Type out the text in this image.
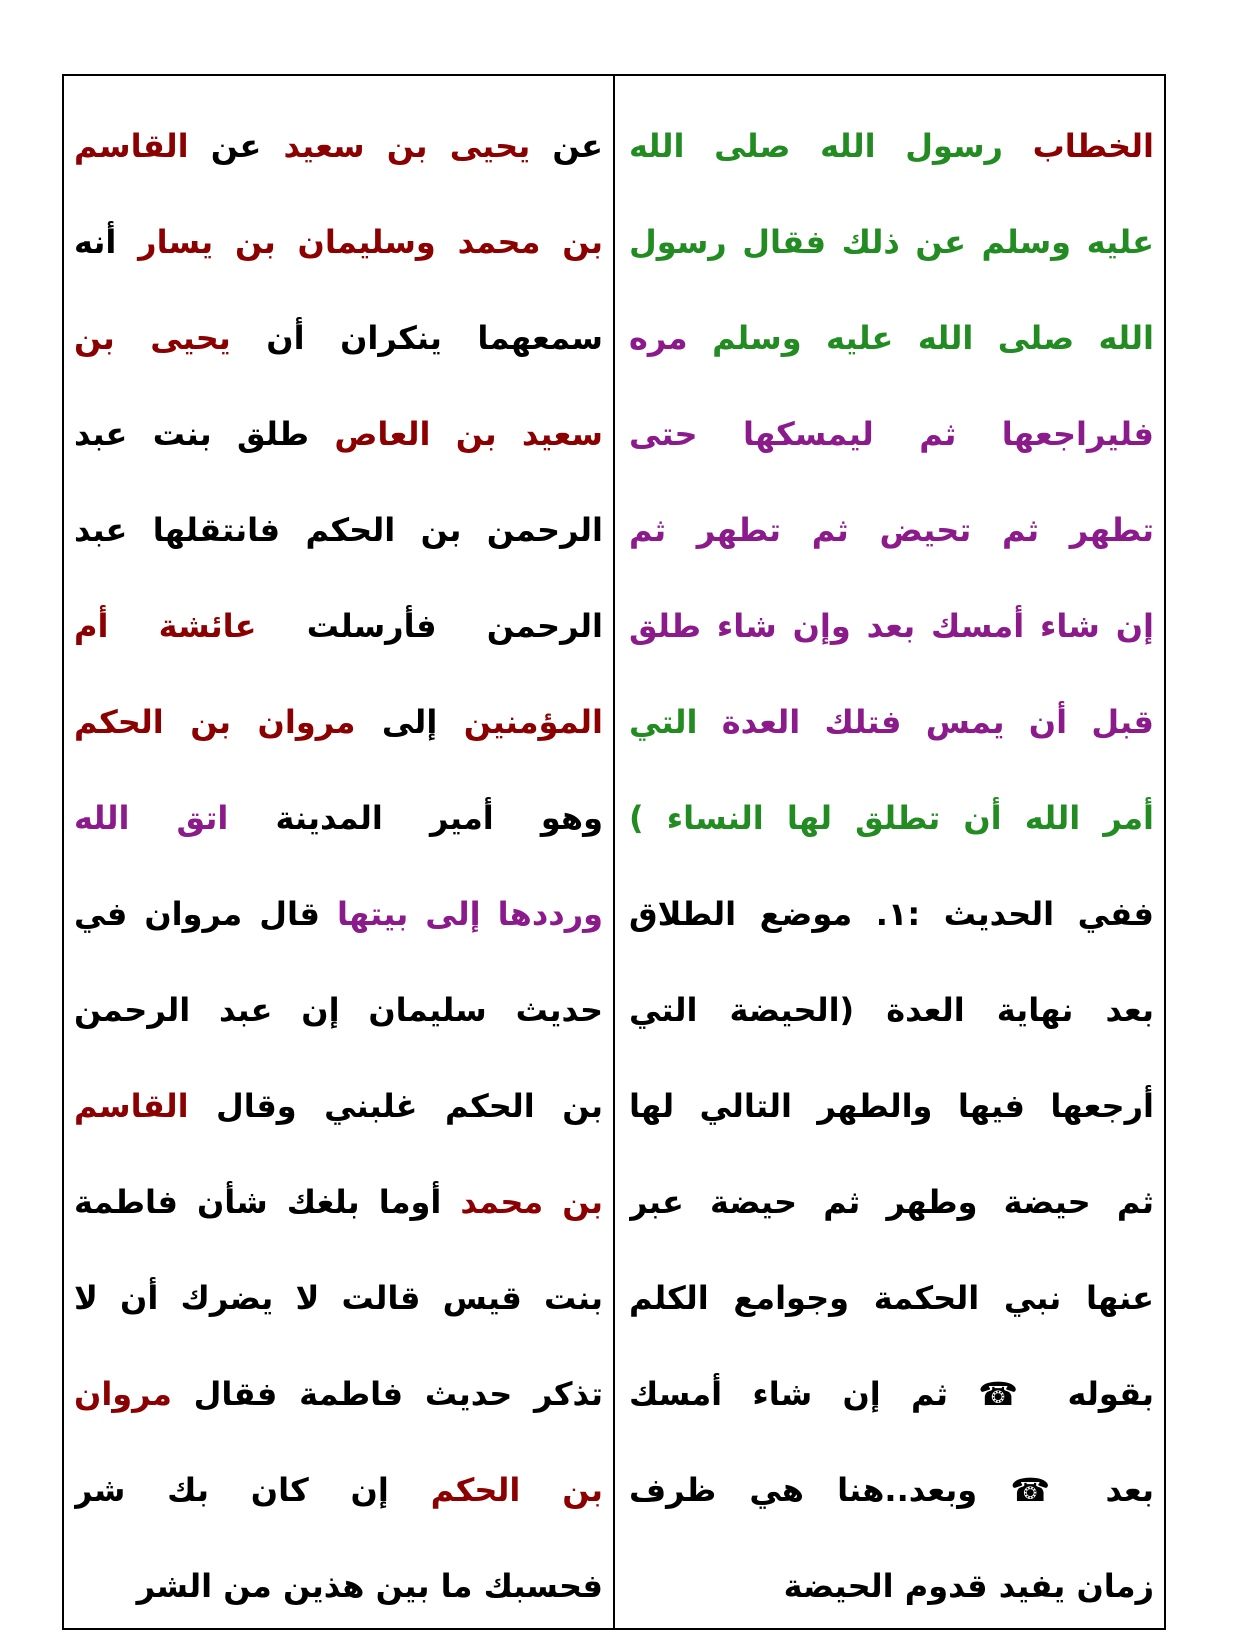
عن يحيى بن سعيد عن القاسم
بن محمد وسليمان بن يسار أنه
سمعهما ينكران أن يحيى بن
سعيد بن العاص طلق بنت عبد
الرحمن بن الحكم فانتقلها عبد
الرحمن فأرسلت عائشة أم
المؤمنين إلى مروان بن الحكم
وهو أمير المدينة اتق الله
ورددها إلى بيتها قال مروان في
حديث سليمان إن عبد الرحمن
بن الحكم غلبني وقال القاسم
بن محمد أوما بلغك شأن فاطمة
بنت قيس قالت لا يضرك أن لا
تذكر حديث فاطمة فقال مروان
بن الحكم إن كان بك شر
فحسبك ما بين هذين من الشر
الخطاب رسول الله صلى الله
عليه وسلم عن ذلك فقال رسول
الله صلى الله عليه وسلم مره
فليراجعها ثم ليمسكها حتى
تطهر ثم تحيض ثم تطهر ثم
إن شاء أمسك بعد وإن شاء طلق
قبل أن يمس فتلك العدة التي
أمر الله أن تطلق لها النساء )
ففي الحديث :١. موضع الطلاق
بعد نهاية العدة (الحيضة التي
أرجعها فيها والطهر التالي لها
ثم حيضة وطهر ثم حيضة عبر
عنها نبي الحكمة وجوامع الكلم
بقوله ☎ ثم إن شاء أمسك
بعد ☎ وبعد..هنا هي ظرف
زمان يفيد قدوم الحيضة
